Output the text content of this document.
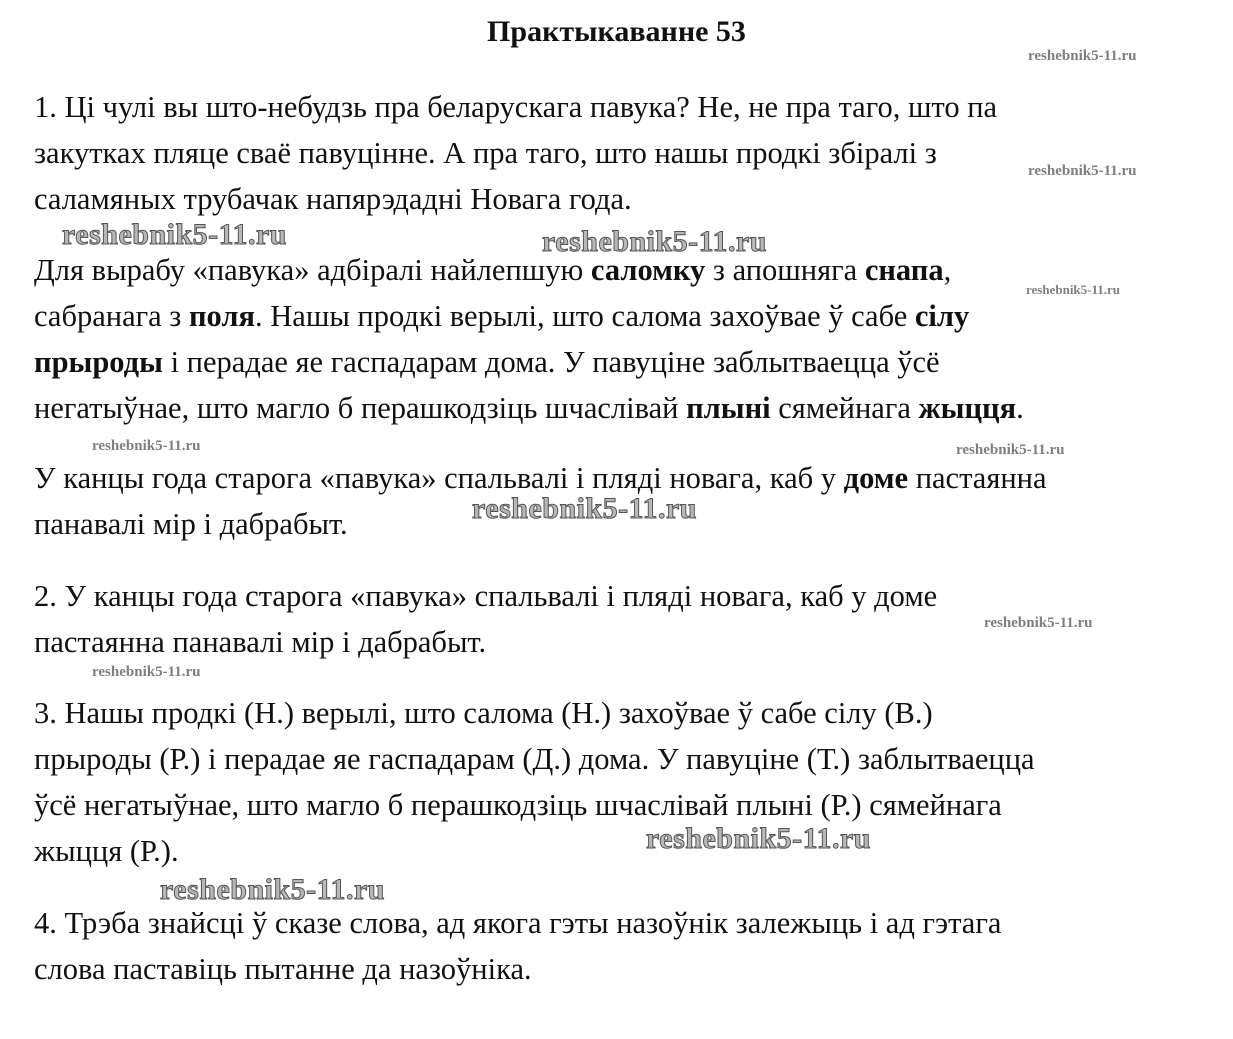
Практыкаванне 53

1. Ці чулі вы што-небудзь пра беларускага павука? Не, не пра таго, што па
закутках пляце сваё павуцінне. А пра таго, што нашы продкі збіралі з
саламяных трубачак напярэдадні Новага года.

Для вырабу «павука» адбіралі найлепшую саломку з апошняга снапа,
сабранага з поля. Нашы продкі верылі, што салома захоўвае ў сабе сілу
прыроды і перадае яе гаспадарам дома. У павуціне заблытваецца ўсё
негатыўнае, што магло б перашкодзіць шчаслівай плыні сямейнага жыцця.

У канцы года старога «павука» спальвалі і пляді новага, каб у доме пастаянна
панавалі мір і дабрабыт.

2. У канцы года старога «павука» спальвалі і пляді новага, каб у доме
пастаянна панавалі мір і дабрабыт.

3. Нашы продкі (Н.) верылі, што салома (Н.) захоўвае ў сабе сілу (В.)
прыроды (Р.) і перадае яе гаспадарам (Д.) дома. У павуціне (Т.) заблытваецца
ўсё негатыўнае, што магло б перашкодзіць шчаслівай плыні (Р.) сямейнага
жыцця (Р.).

4. Трэба знайсці ў сказе слова, ад якога гэты назоўнік залежыць і ад гэтага
слова паставіць пытанне да назоўніка.

reshebnik5-11.ru
reshebnik5-11.ru
reshebnik5-11.ru	reshebnik5-11.ru
reshebnik5-11.ru
reshebnik5-11.ru	reshebnik5-11.ru
reshebnik5-11.ru
reshebnik5-11.ru
reshebnik5-11.ru
reshebnik5-11.ru
reshebnik5-11.ru
